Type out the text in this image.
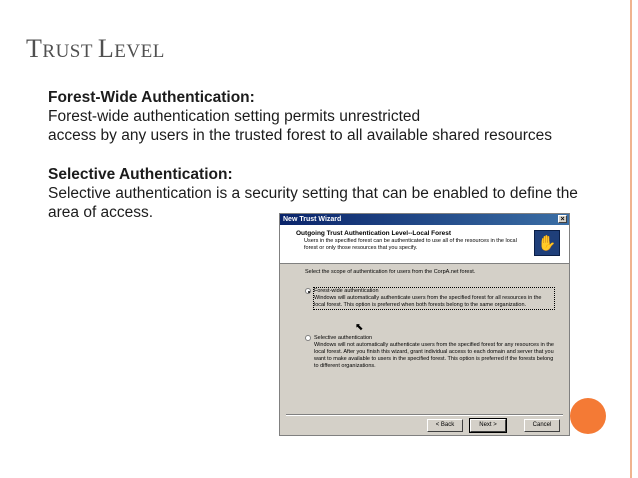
TRUST LEVEL

Forest-Wide Authentication:

Forest-wide authentication setting permits unrestricted

access by any users in the trusted forest to all available shared resources

Selective Authentication:

Selective authentication is a security setting that can be enabled to define the

area of access.	New Trust Wizard	×
Outgoing Trust Authentication Level--Local Forest
Users in the specified forest can be authenticated to use all of the resources in the local forest or only those resources that you specify.	✋
Select the scope of authentication for users from the CorpA.net forest.
Forest-wide authentication
Windows will automatically authenticate users from the specified forest for all resources in the local forest. This option is preferred when both forests belong to the same organization.
Selective authentication
Windows will not automatically authenticate users from the specified forest for any resources in the local forest. After you finish this wizard, grant individual access to each domain and server that you want to make available to users in the specified forest. This option is preferred if the forests belong to different organizations.
< Back	Next >	Cancel
⬉
